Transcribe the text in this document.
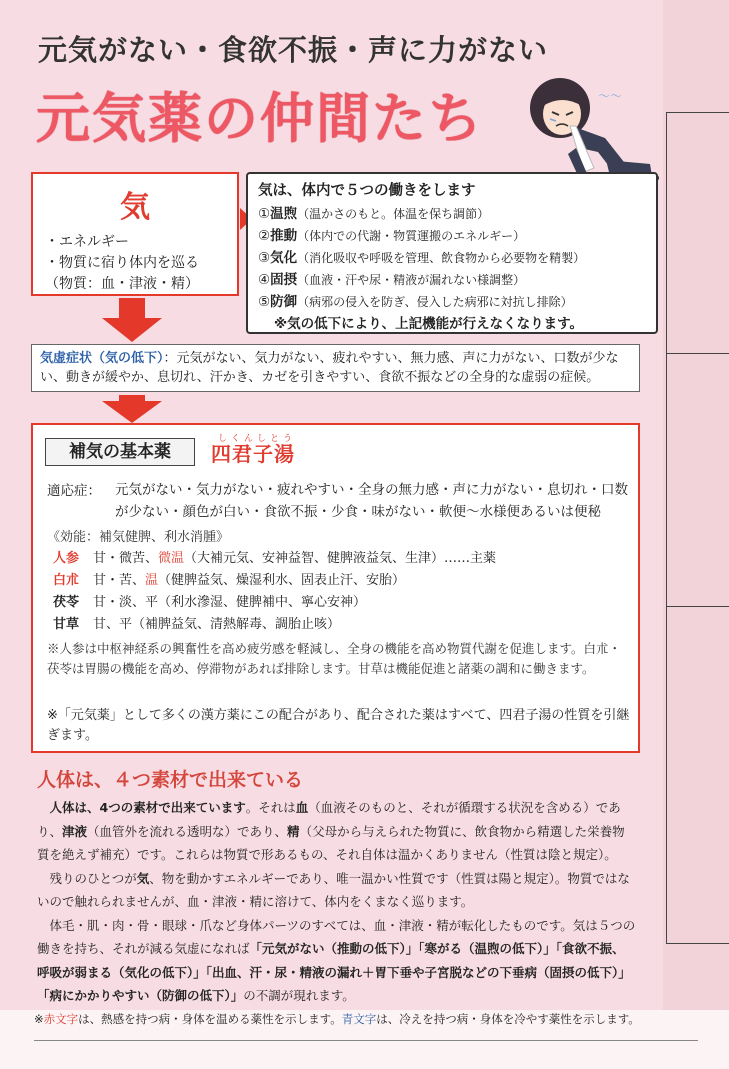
元気がない・食欲不振・声に力がない
元気薬の仲間たち	～～
気
・エネルギー
・物質に宿り体内を巡る
（物質：血・津液・精）
気は、体内で５つの働きをします
①温煦（温かさのもと。体温を保ち調節）
②推動（体内での代謝・物質運搬のエネルギー）
③気化（消化吸収や呼吸を管理、飲食物から必要物を精製）
④固摂（血液・汗や尿・精液が漏れない様調整）
⑤防御（病邪の侵入を防ぎ、侵入した病邪に対抗し排除）
※気の低下により、上記機能が行えなくなります。
気虚症状（気の低下）：元気がない、気力がない、疲れやすい、無力感、声に力がない、口数が少ない、動きが緩やか、息切れ、汗かき、カゼを引きやすい、食欲不振などの全身的な虚弱の症候。
補気の基本薬
しくんしとう
四君子湯
適応症： 元気がない・気力がない・疲れやすい・全身の無力感・声に力がない・息切れ・口数が少ない・顔色が白い・食欲不振・少食・味がない・軟便〜水様便あるいは便秘
《効能：補気健脾、利水消腫》
人参 甘・微苦、微温（大補元気、安神益智、健脾液益気、生津）……主薬
白朮 甘・苦、温（健脾益気、燥湿利水、固表止汗、安胎）
茯苓 甘・淡、平（利水滲湿、健脾補中、寧心安神）
甘草 甘、平（補脾益気、清熱解毒、調胎止咳）
※人参は中枢神経系の興奮性を高め疲労感を軽減し、全身の機能を高め物質代謝を促進します。白朮・茯苓は胃腸の機能を高め、停滞物があれば排除します。甘草は機能促進と諸薬の調和に働きます。
※「元気薬」として多くの漢方薬にこの配合があり、配合された薬はすべて、四君子湯の性質を引継ぎます。
人体は、４つ素材で出来ている

　人体は、4つの素材で出来ています。それは血（血液そのものと、それが循環する状況を含める）であり、津液（血管外を流れる透明な）であり、精（父母から与えられた物質に、飲食物から精選した栄養物質を絶えず補充）です。これらは物質で形あるもの、それ自体は温かくありません（性質は陰と規定）。

　残りのひとつが気、物を動かすエネルギーであり、唯一温かい性質です（性質は陽と規定）。物質ではないので触れられませんが、血・津液・精に溶けて、体内をくまなく巡ります。

　体毛・肌・肉・骨・眼球・爪など身体パーツのすべては、血・津液・精が転化したものです。気は５つの働きを持ち、それが減る気虚になれば「元気がない（推動の低下）」「寒がる（温煦の低下）」「食欲不振、呼吸が弱まる（気化の低下）」「出血、汗・尿・精液の漏れ＋胃下垂や子宮脱などの下垂病（固摂の低下）」「病にかかりやすい（防御の低下）」の不調が現れます。

※赤文字は、熱感を持つ病・身体を温める薬性を示します。青文字は、冷えを持つ病・身体を冷やす薬性を示します。
